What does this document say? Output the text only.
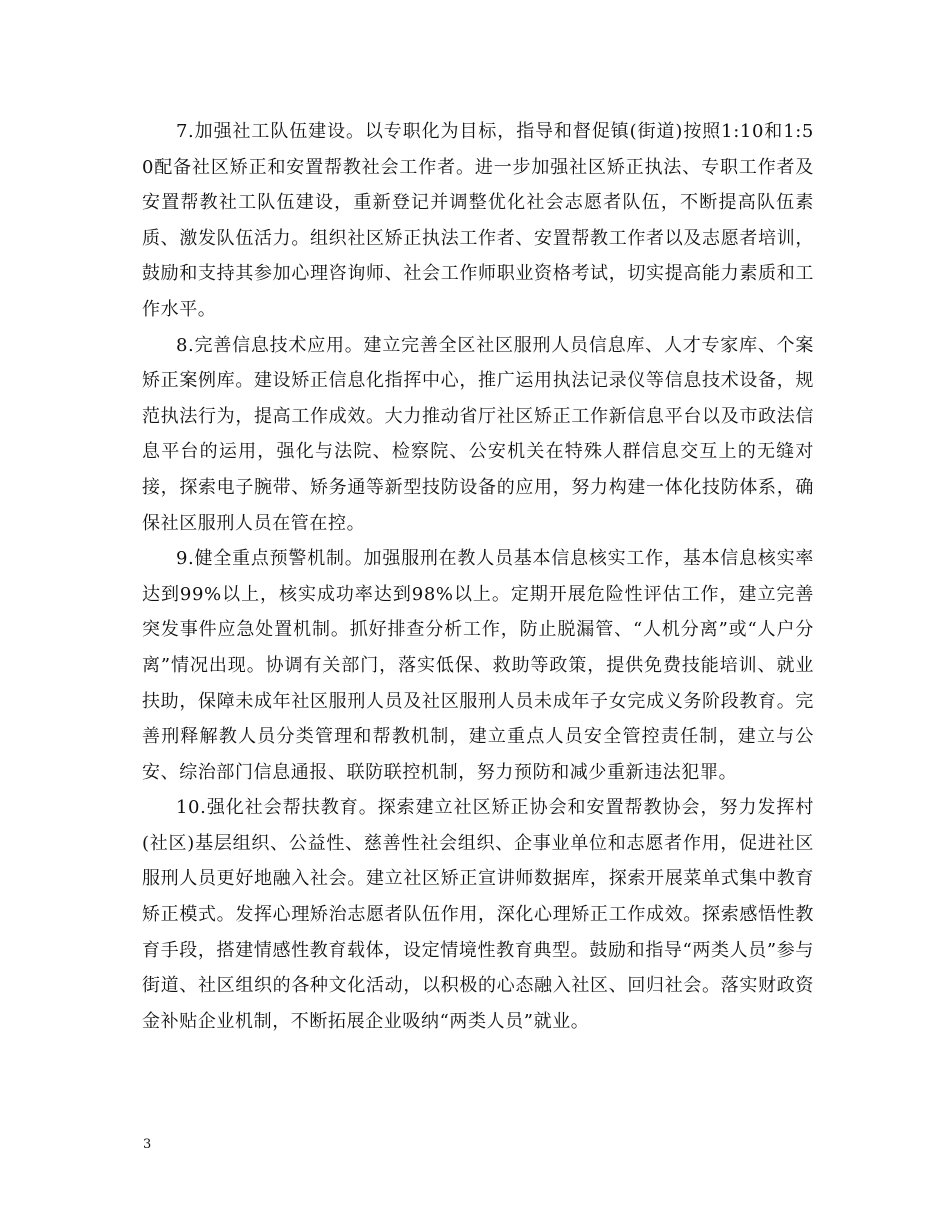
7.加强社工队伍建设。以专职化为目标，指导和督促镇(街道)按照1:10和1:50配备社区矫正和安置帮教社会工作者。进一步加强社区矫正执法、专职工作者及安置帮教社工队伍建设，重新登记并调整优化社会志愿者队伍，不断提高队伍素质、激发队伍活力。组织社区矫正执法工作者、安置帮教工作者以及志愿者培训，鼓励和支持其参加心理咨询师、社会工作师职业资格考试，切实提高能力素质和工作水平。

8.完善信息技术应用。建立完善全区社区服刑人员信息库、人才专家库、个案矫正案例库。建设矫正信息化指挥中心，推广运用执法记录仪等信息技术设备，规范执法行为，提高工作成效。大力推动省厅社区矫正工作新信息平台以及市政法信息平台的运用，强化与法院、检察院、公安机关在特殊人群信息交互上的无缝对接，探索电子腕带、矫务通等新型技防设备的应用，努力构建一体化技防体系，确保社区服刑人员在管在控。

9.健全重点预警机制。加强服刑在教人员基本信息核实工作，基本信息核实率达到99%以上，核实成功率达到98%以上。定期开展危险性评估工作，建立完善突发事件应急处置机制。抓好排查分析工作，防止脱漏管、“人机分离”或“人户分离”情况出现。协调有关部门，落实低保、救助等政策，提供免费技能培训、就业扶助，保障未成年社区服刑人员及社区服刑人员未成年子女完成义务阶段教育。完善刑释解教人员分类管理和帮教机制，建立重点人员安全管控责任制，建立与公安、综治部门信息通报、联防联控机制，努力预防和减少重新违法犯罪。

10.强化社会帮扶教育。探索建立社区矫正协会和安置帮教协会，努力发挥村(社区)基层组织、公益性、慈善性社会组织、企事业单位和志愿者作用，促进社区服刑人员更好地融入社会。建立社区矫正宣讲师数据库，探索开展菜单式集中教育矫正模式。发挥心理矫治志愿者队伍作用，深化心理矫正工作成效。探索感悟性教育手段，搭建情感性教育载体，设定情境性教育典型。鼓励和指导“两类人员”参与街道、社区组织的各种文化活动，以积极的心态融入社区、回归社会。落实财政资金补贴企业机制，不断拓展企业吸纳“两类人员”就业。

3
